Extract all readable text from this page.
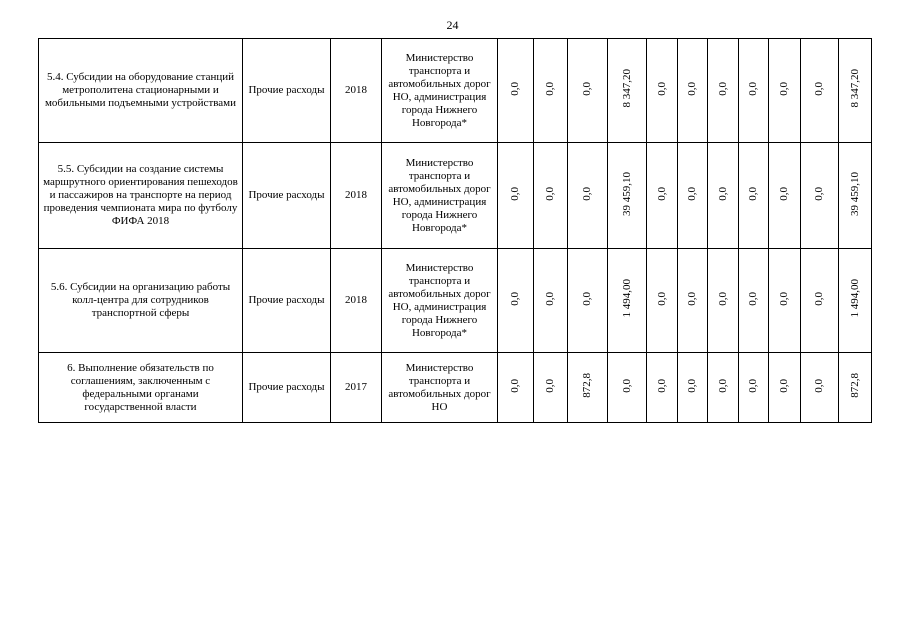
24
5.4. Субсидии на оборудование станций метрополитена стационарными и мобильными подъемными устройствами	Прочие расходы	2018	Министерство транспорта и автомобильных дорог НО, администрация города Нижнего Новгорода*	0,0	0,0	0,0	8 347,20	0,0	0,0	0,0	0,0	0,0	0,0	8 347,20
5.5. Субсидии на создание системы маршрутного ориентирования пешеходов и пассажиров на транспорте на период проведения чемпионата мира по футболу ФИФА 2018	Прочие расходы	2018	Министерство транспорта и автомобильных дорог НО, администрация города Нижнего Новгорода*	0,0	0,0	0,0	39 459,10	0,0	0,0	0,0	0,0	0,0	0,0	39 459,10
5.6. Субсидии на организацию работы колл-центра для сотрудников транспортной сферы	Прочие расходы	2018	Министерство транспорта и автомобильных дорог НО, администрация города Нижнего Новгорода*	0,0	0,0	0,0	1 494,00	0,0	0,0	0,0	0,0	0,0	0,0	1 494,00
6. Выполнение обязательств по соглашениям, заключенным с федеральными органами государственной власти	Прочие расходы	2017	Министерство транспорта и автомобильных дорог НО	0,0	0,0	872,8	0,0	0,0	0,0	0,0	0,0	0,0	0,0	872,8
